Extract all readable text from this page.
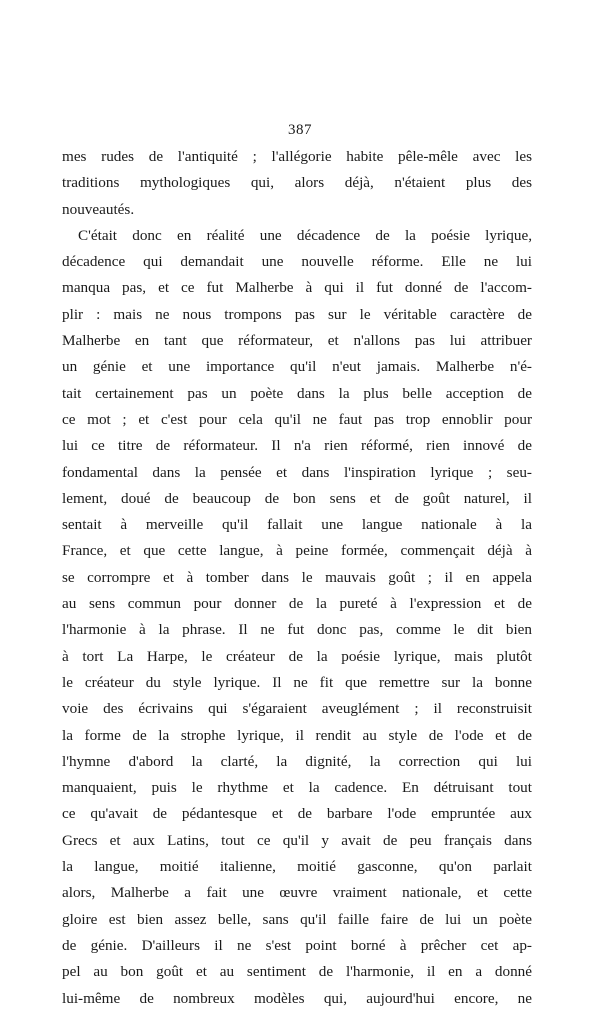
387
mes rudes de l'antiquité ; l'allégorie habite pêle-mêle avec les
traditions mythologiques qui, alors déjà, n'étaient plus des
nouveautés.
C'était donc en réalité une décadence de la poésie lyrique,
décadence qui demandait une nouvelle réforme. Elle ne lui
manqua pas, et ce fut Malherbe à qui il fut donné de l'accom-
plir : mais ne nous trompons pas sur le véritable caractère de
Malherbe en tant que réformateur, et n'allons pas lui attribuer
un génie et une importance qu'il n'eut jamais. Malherbe n'é-
tait certainement pas un poète dans la plus belle acception de
ce mot ; et c'est pour cela qu'il ne faut pas trop ennoblir pour
lui ce titre de réformateur. Il n'a rien réformé, rien innové de
fondamental dans la pensée et dans l'inspiration lyrique ; seu-
lement, doué de beaucoup de bon sens et de goût naturel, il
sentait à merveille qu'il fallait une langue nationale à la
France, et que cette langue, à peine formée, commençait déjà à
se corrompre et à tomber dans le mauvais goût ; il en appela
au sens commun pour donner de la pureté à l'expression et de
l'harmonie à la phrase. Il ne fut donc pas, comme le dit bien
à tort La Harpe, le créateur de la poésie lyrique, mais plutôt
le créateur du style lyrique. Il ne fit que remettre sur la bonne
voie des écrivains qui s'égaraient aveuglément ; il reconstruisit
la forme de la strophe lyrique, il rendit au style de l'ode et de
l'hymne d'abord la clarté, la dignité, la correction qui lui
manquaient, puis le rhythme et la cadence. En détruisant tout
ce qu'avait de pédantesque et de barbare l'ode empruntée aux
Grecs et aux Latins, tout ce qu'il y avait de peu français dans
la langue, moitié italienne, moitié gasconne, qu'on parlait
alors, Malherbe a fait une œuvre vraiment nationale, et cette
gloire est bien assez belle, sans qu'il faille faire de lui un poète
de génie. D'ailleurs il ne s'est point borné à prêcher cet ap-
pel au bon goût et au sentiment de l'harmonie, il en a donné
lui-même de nombreux modèles qui, aujourd'hui encore, ne
